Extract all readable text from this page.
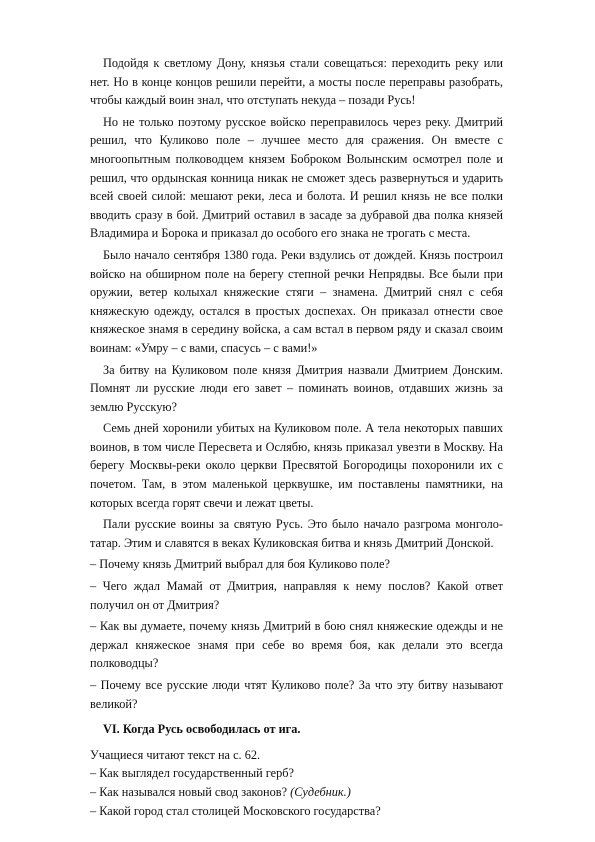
Подойдя к светлому Дону, князья стали совещаться: переходить реку или нет. Но в конце концов решили перейти, а мосты после переправы разобрать, чтобы каждый воин знал, что отступать некуда – позади Русь!

Но не только поэтому русское войско переправилось через реку. Дмитрий решил, что Куликово поле – лучшее место для сражения. Он вместе с многоопытным полководцем князем Боброком Волынским осмотрел поле и решил, что ордынская конница никак не сможет здесь развернуться и ударить всей своей силой: мешают реки, леса и болота. И решил князь не все полки вводить сразу в бой. Дмитрий оставил в засаде за дубравой два полка князей Владимира и Борока и приказал до особого его знака не трогать с места.

Было начало сентября 1380 года. Реки вздулись от дождей. Князь построил войско на обширном поле на берегу степной речки Непрядвы. Все были при оружии, ветер колыхал княжеские стяги – знамена. Дмитрий снял с себя княжескую одежду, остался в простых доспехах. Он приказал отнести свое княжеское знамя в середину войска, а сам встал в первом ряду и сказал своим воинам: «Умру – с вами, спасусь – с вами!»

За битву на Куликовом поле князя Дмитрия назвали Дмитрием Донским. Помнят ли русские люди его завет – поминать воинов, отдавших жизнь за землю Русскую?

Семь дней хоронили убитых на Куликовом поле. А тела некоторых павших воинов, в том числе Пересвета и Ослябю, князь приказал увезти в Москву. На берегу Москвы-реки около церкви Пресвятой Богородицы похоронили их с почетом. Там, в этом маленькой церквушке, им поставлены памятники, на которых всегда горят свечи и лежат цветы.

Пали русские воины за святую Русь. Это было начало разгрома монголо-татар. Этим и славятся в веках Куликовская битва и князь Дмитрий Донской.

– Почему князь Дмитрий выбрал для боя Куликово поле?

– Чего ждал Мамай от Дмитрия, направляя к нему послов? Какой ответ получил он от Дмитрия?

– Как вы думаете, почему князь Дмитрий в бою снял княжеские одежды и не держал княжеское знамя при себе во время боя, как делали это всегда полководцы?

– Почему все русские люди чтят Куликово поле? За что эту битву называют великой?

VI. Когда Русь освободилась от ига.

Учащиеся читают текст на с. 62.

– Как выглядел государственный герб?

– Как назывался новый свод законов? (Судебник.)

– Какой город стал столицей Московского государства?
